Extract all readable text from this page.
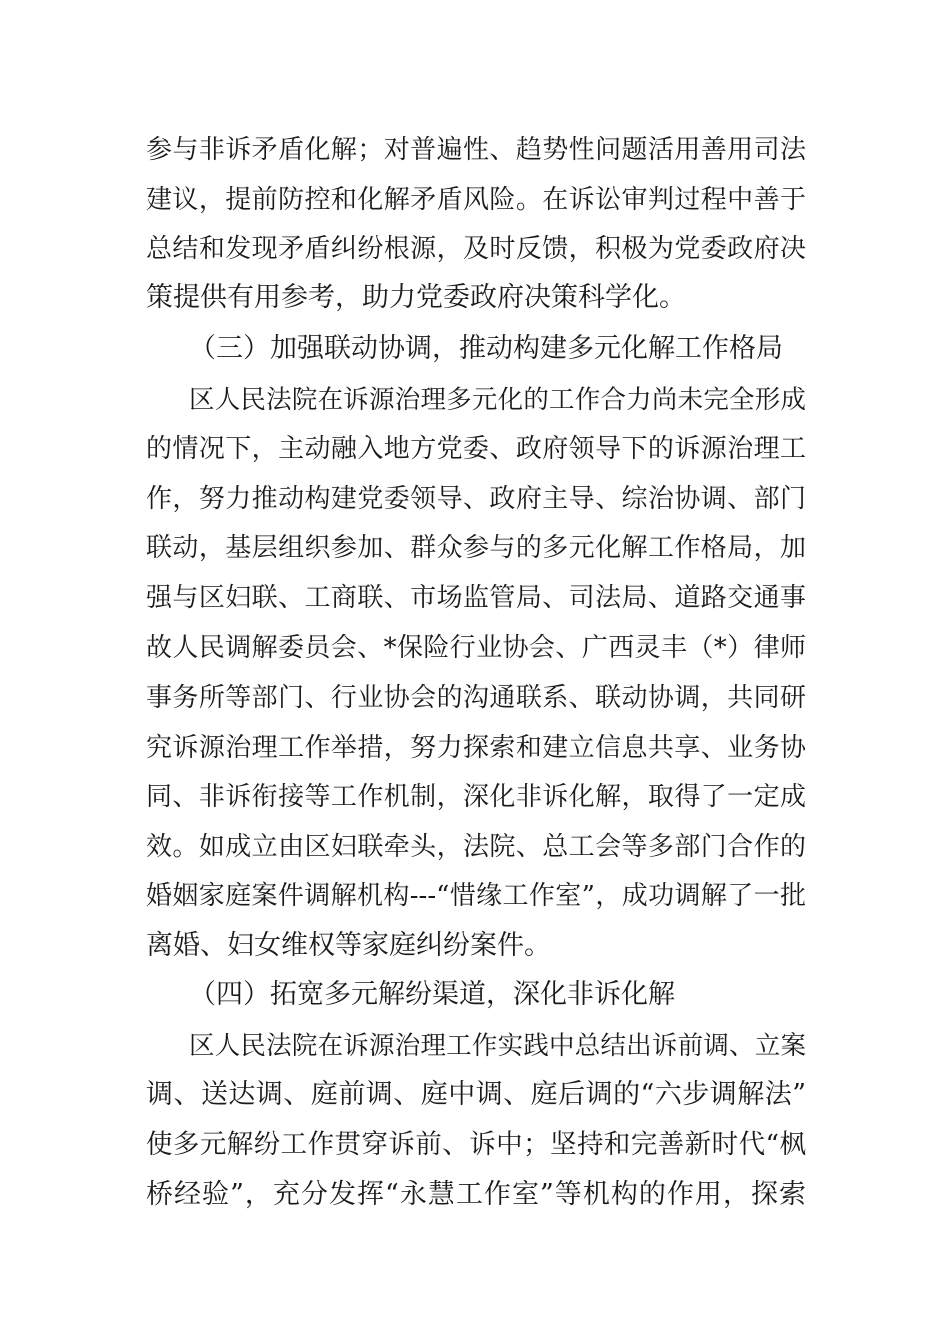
参与非诉矛盾化解；对普遍性、趋势性问题活用善用司法
建议，提前防控和化解矛盾风险。在诉讼审判过程中善于
总结和发现矛盾纠纷根源，及时反馈，积极为党委政府决
策提供有用参考，助力党委政府决策科学化。
（三）加强联动协调，推动构建多元化解工作格局
区人民法院在诉源治理多元化的工作合力尚未完全形成
的情况下，主动融入地方党委、政府领导下的诉源治理工
作，努力推动构建党委领导、政府主导、综治协调、部门
联动，基层组织参加、群众参与的多元化解工作格局，加
强与区妇联、工商联、市场监管局、司法局、道路交通事
故人民调解委员会、*保险行业协会、广西灵丰（*）律师
事务所等部门、行业协会的沟通联系、联动协调，共同研
究诉源治理工作举措，努力探索和建立信息共享、业务协
同、非诉衔接等工作机制，深化非诉化解，取得了一定成
效。如成立由区妇联牵头，法院、总工会等多部门合作的
婚姻家庭案件调解机构---“惜缘工作室”，成功调解了一批
离婚、妇女维权等家庭纠纷案件。
（四）拓宽多元解纷渠道，深化非诉化解
区人民法院在诉源治理工作实践中总结出诉前调、立案
调、送达调、庭前调、庭中调、庭后调的“六步调解法”
使多元解纷工作贯穿诉前、诉中；坚持和完善新时代“枫
桥经验”，充分发挥“永慧工作室”等机构的作用，探索
